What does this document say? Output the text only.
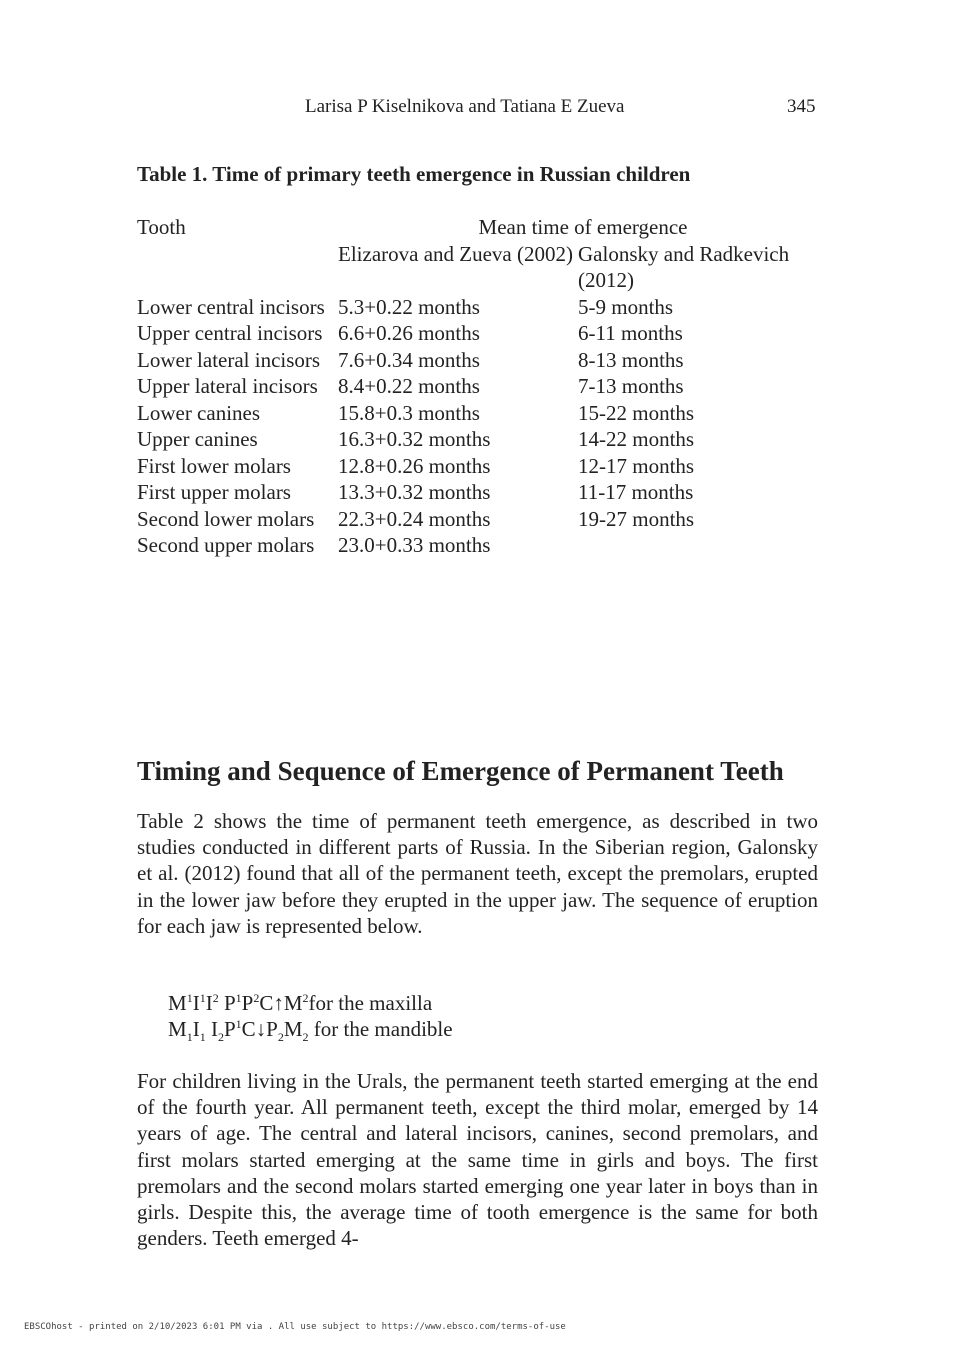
Larisa P Kiselnikova and Tatiana E Zueva	345
Table 1. Time of primary teeth emergence in Russian children
Tooth	Mean time of emergence	
	Elizarova and Zueva (2002)	Galonsky and Radkevich (2012)
Lower central incisors	5.3+0.22 months	5-9 months
Upper central incisors	6.6+0.26 months	6-11 months
Lower lateral incisors	7.6+0.34 months	8-13 months
Upper lateral incisors	8.4+0.22 months	7-13 months
Lower canines	15.8+0.3 months	15-22 months
Upper canines	16.3+0.32 months	14-22 months
First lower molars	12.8+0.26 months	12-17 months
First upper molars	13.3+0.32 months	11-17 months
Second lower molars	22.3+0.24 months	19-27 months
Second upper molars	23.0+0.33 months	
Timing and Sequence of Emergence of Permanent Teeth

Table 2 shows the time of permanent teeth emergence, as described in two studies conducted in different parts of Russia. In the Siberian region, Galonsky et al. (2012) found that all of the permanent teeth, except the premolars, erupted in the lower jaw before they erupted in the upper jaw. The sequence of eruption for each jaw is represented below.

$M^1I^1I^2$ $P^1P^2C↑M^2for$ the maxilla
$M_1I_1$ $I_2P^1C↓P_2M_2$ for the mandible

For children living in the Urals, the permanent teeth started emerging at the end of the fourth year. All permanent teeth, except the third molar, emerged by 14 years of age. The central and lateral incisors, canines, second premolars, and first molars started emerging at the same time in girls and boys. The first premolars and the second molars started emerging one year later in boys than in girls. Despite this, the average time of tooth emergence is the same for both genders. Teeth emerged 4-

EBSCOhost - printed on 2/10/2023 6:01 PM via . All use subject to https://www.ebsco.com/terms-of-use
